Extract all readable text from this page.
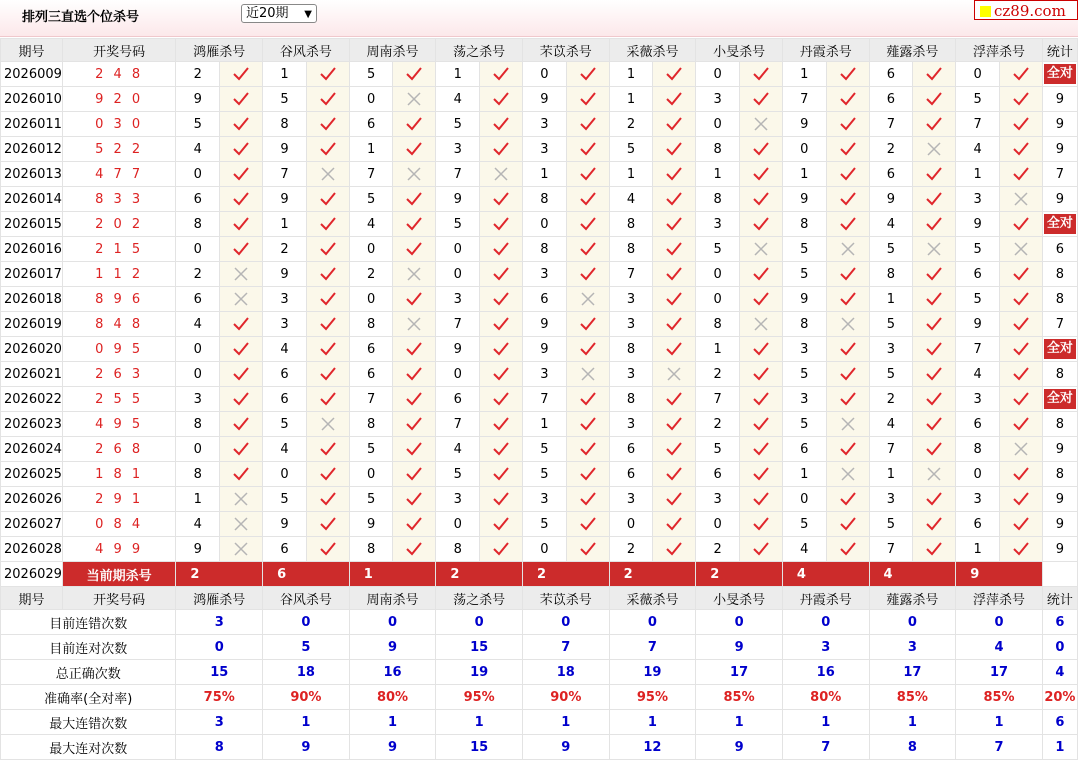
排列三直选个位杀号	近20期 ▼	cz89.com
期号	开奖号码	鸿雁杀号		谷风杀号		周南杀号		荡之杀号		芣苡杀号		采薇杀号		小旻杀号		丹霞杀号		薤露杀号		浮萍杀号		统计
2026009	2 4 8	2		1		5		1		0		1		0		1		6		0		全对
2026010	9 2 0	9		5		0		4		9		1		3		7		6		5		9
2026011	0 3 0	5		8		6		5		3		2		0		9		7		7		9
2026012	5 2 2	4		9		1		3		3		5		8		0		2		4		9
2026013	4 7 7	0		7		7		7		1		1		1		1		6		1		7
2026014	8 3 3	6		9		5		9		8		4		8		9		9		3		9
2026015	2 0 2	8		1		4		5		0		8		3		8		4		9		全对
2026016	2 1 5	0		2		0		0		8		8		5		5		5		5		6
2026017	1 1 2	2		9		2		0		3		7		0		5		8		6		8
2026018	8 9 6	6		3		0		3		6		3		0		9		1		5		8
2026019	8 4 8	4		3		8		7		9		3		8		8		5		9		7
2026020	0 9 5	0		4		6		9		9		8		1		3		3		7		全对
2026021	2 6 3	0		6		6		0		3		3		2		5		5		4		8
2026022	2 5 5	3		6		7		6		7		8		7		3		2		3		全对
2026023	4 9 5	8		5		8		7		1		3		2		5		4		6		8
2026024	2 6 8	0		4		5		4		5		6		5		6		7		8		9
2026025	1 8 1	8		0		0		5		5		6		6		1		1		0		8
2026026	2 9 1	1		5		5		3		3		3		3		0		3		3		9
2026027	0 8 4	4		9		9		0		5		0		0		5		5		6		9
2026028	4 9 9	9		6		8		8		0		2		2		4		7		1		9
2026029	当前期杀号	2		6		1		2		2		2		2		4		4		9		
期号	开奖号码	鸿雁杀号		谷风杀号		周南杀号		荡之杀号		芣苡杀号		采薇杀号		小旻杀号		丹霞杀号		薤露杀号		浮萍杀号		统计
目前连错次数		3		0		0		0		0		0		0		0		0		0		6
目前连对次数		0		5		9		15		7		7		9		3		3		4		0
总正确次数		15		18		16		19		18		19		17		16		17		17		4
准确率(全对率)		75%		90%		80%		95%		90%		95%		85%		80%		85%		85%		20%
最大连错次数		3		1		1		1		1		1		1		1		1		1		6
最大连对次数		8		9		9		15		9		12		9		7		8		7		1
